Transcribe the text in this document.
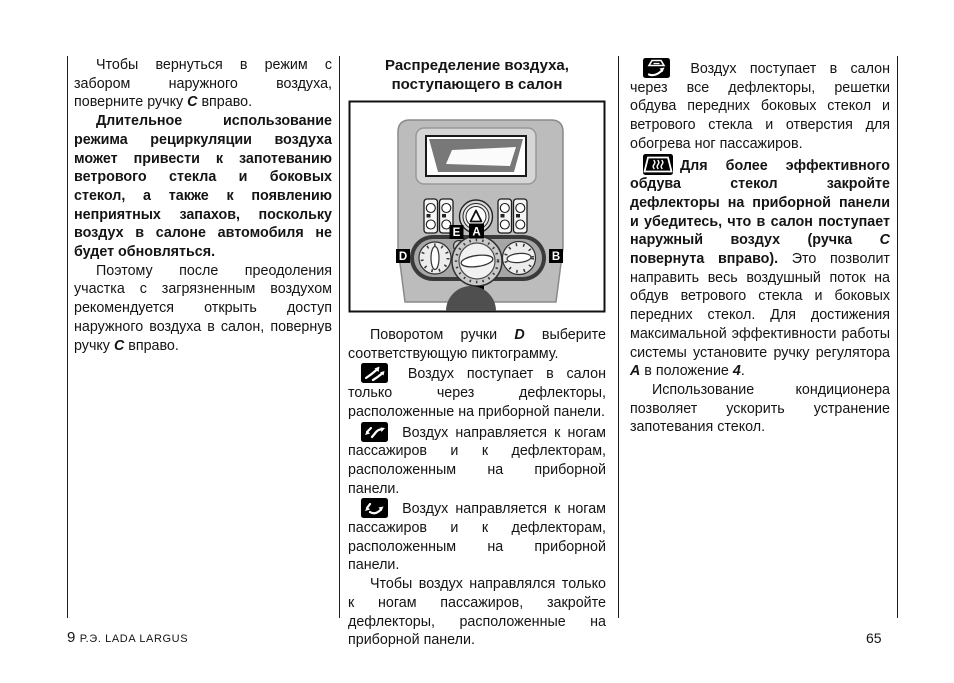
Чтобы вернуться в режим с забором наружного воздуха, поверните ручку C вправо.

Длительное использование режима рециркуляции воздуха может привести к запотеванию ветрового стекла и боковых стекол, а также к появлению неприятных запахов, поскольку воздух в салоне автомобиля не будет обновляться.

Поэтому после преодоления участка с загрязненным воздухом рекомендуется открыть доступ наружного воздуха в салон, повернув ручку C вправо.

Распределение воздуха, поступающего в салон
E A
D	B

Поворотом ручки D выберите соответствующую пиктограмму.

Воздух поступает в салон только через дефлекторы, расположенные на приборной панели.

Воздух направляется к ногам пассажиров и к дефлекторам, расположенным на приборной панели.

Воздух направляется к ногам пассажиров и к дефлекторам, расположенным на приборной панели.

Чтобы воздух направлялся только к ногам пассажиров, закройте дефлекторы, расположенные на приборной панели.

Воздух поступает в салон через все дефлекторы, решетки обдува передних боковых стекол и ветрового стекла и отверстия для обогрева ног пассажиров.

Для более эффективного обдува стекол закройте дефлекторы на приборной панели и убедитесь, что в салон поступает наружный воздух (ручка C повернута вправо). Это позволит направить весь воздушный поток на обдув ветрового стекла и боковых передних стекол. Для достижения максимальной эффективности работы системы установите ручку регулятора A в положение 4.

Использование кондиционера позволяет ускорить устранение запотевания стекол.

9 Р.Э. LADA LARGUS	65
